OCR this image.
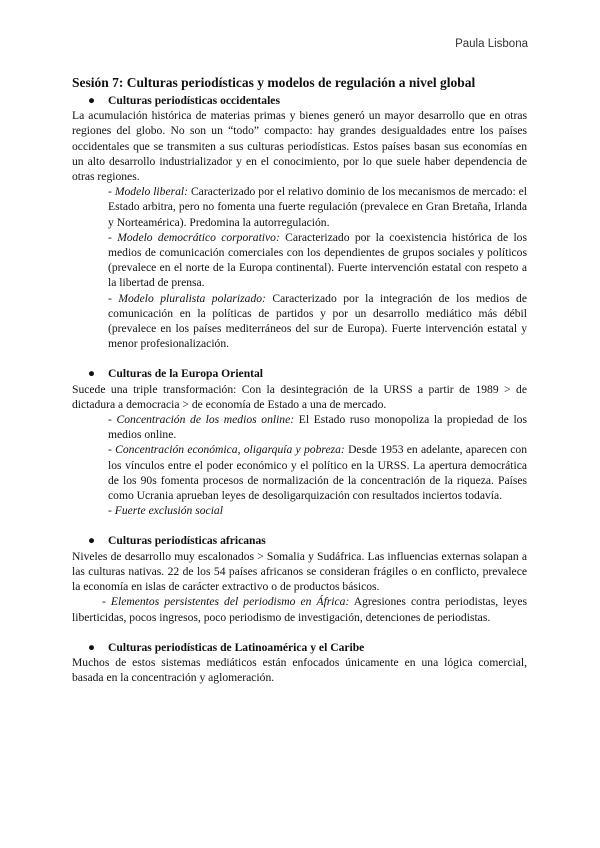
Paula Lisbona
Sesión 7: Culturas periodísticas y modelos de regulación a nivel global
● Culturas periodísticas occidentales

La acumulación histórica de materias primas y bienes generó un mayor desarrollo que en otras regiones del globo. No son un “todo” compacto: hay grandes desigualdades entre los países occidentales que se transmiten a sus culturas periodísticas. Estos países basan sus economías en un alto desarrollo industrializador y en el conocimiento, por lo que suele haber dependencia de otras regiones.

- Modelo liberal: Caracterizado por el relativo dominio de los mecanismos de mercado: el Estado arbitra, pero no fomenta una fuerte regulación (prevalece en Gran Bretaña, Irlanda y Norteamérica). Predomina la autorregulación.

- Modelo democrático corporativo: Caracterizado por la coexistencia histórica de los medios de comunicación comerciales con los dependientes de grupos sociales y políticos (prevalece en el norte de la Europa continental). Fuerte intervención estatal con respeto a la libertad de prensa.

- Modelo pluralista polarizado: Caracterizado por la integración de los medios de comunicación en la políticas de partidos y por un desarrollo mediático más débil (prevalece en los países mediterráneos del sur de Europa). Fuerte intervención estatal y menor profesionalización.

● Culturas de la Europa Oriental

Sucede una triple transformación: Con la desintegración de la URSS a partir de 1989 > de dictadura a democracia > de economía de Estado a una de mercado.

- Concentración de los medios online: El Estado ruso monopoliza la propiedad de los medios online.

- Concentración económica, oligarquía y pobreza: Desde 1953 en adelante, aparecen con los vínculos entre el poder económico y el político en la URSS. La apertura democrática de los 90s fomenta procesos de normalización de la concentración de la riqueza. Países como Ucrania aprueban leyes de desoligarquización con resultados inciertos todavía.

- Fuerte exclusión social

● Culturas periodísticas africanas

Niveles de desarrollo muy escalonados > Somalia y Sudáfrica. Las influencias externas solapan a las culturas nativas. 22 de los 54 países africanos se consideran frágiles o en conflicto, prevalece la economía en islas de carácter extractivo o de productos básicos.

- Elementos persistentes del periodismo en África: Agresiones contra periodistas, leyes liberticidas, pocos ingresos, poco periodismo de investigación, detenciones de periodistas.

● Culturas periodísticas de Latinoamérica y el Caribe

Muchos de estos sistemas mediáticos están enfocados únicamente en una lógica comercial, basada en la concentración y aglomeración.
